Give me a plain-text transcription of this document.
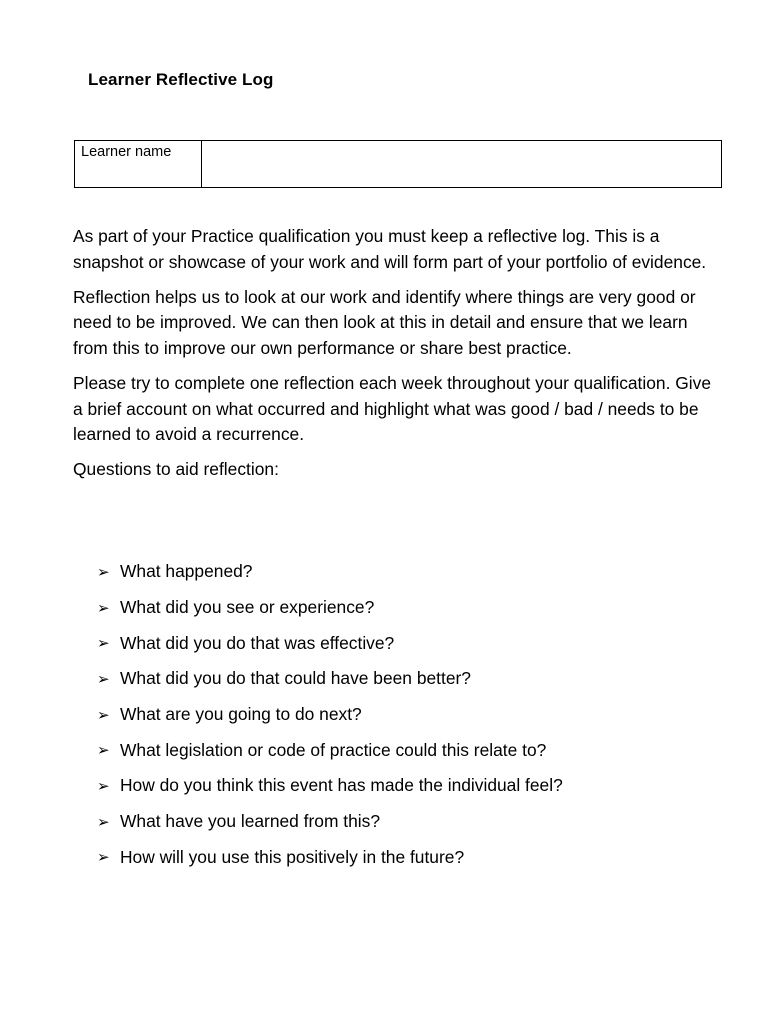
Learner Reflective Log
Learner name	

As part of your Practice qualification you must keep a reflective log. This is a snapshot or showcase of your work and will form part of your portfolio of evidence.

Reflection helps us to look at our work and identify where things are very good or need to be improved. We can then look at this in detail and ensure that we learn from this to improve our own performance or share best practice.

Please try to complete one reflection each week throughout your qualification. Give a brief account on what occurred and highlight what was good / bad / needs to be learned to avoid a recurrence.

Questions to aid reflection:

➢ What happened?
➢ What did you see or experience?
➢ What did you do that was effective?
➢ What did you do that could have been better?
➢ What are you going to do next?
➢ What legislation or code of practice could this relate to?
➢ How do you think this event has made the individual feel?
➢ What have you learned from this?
➢ How will you use this positively in the future?
